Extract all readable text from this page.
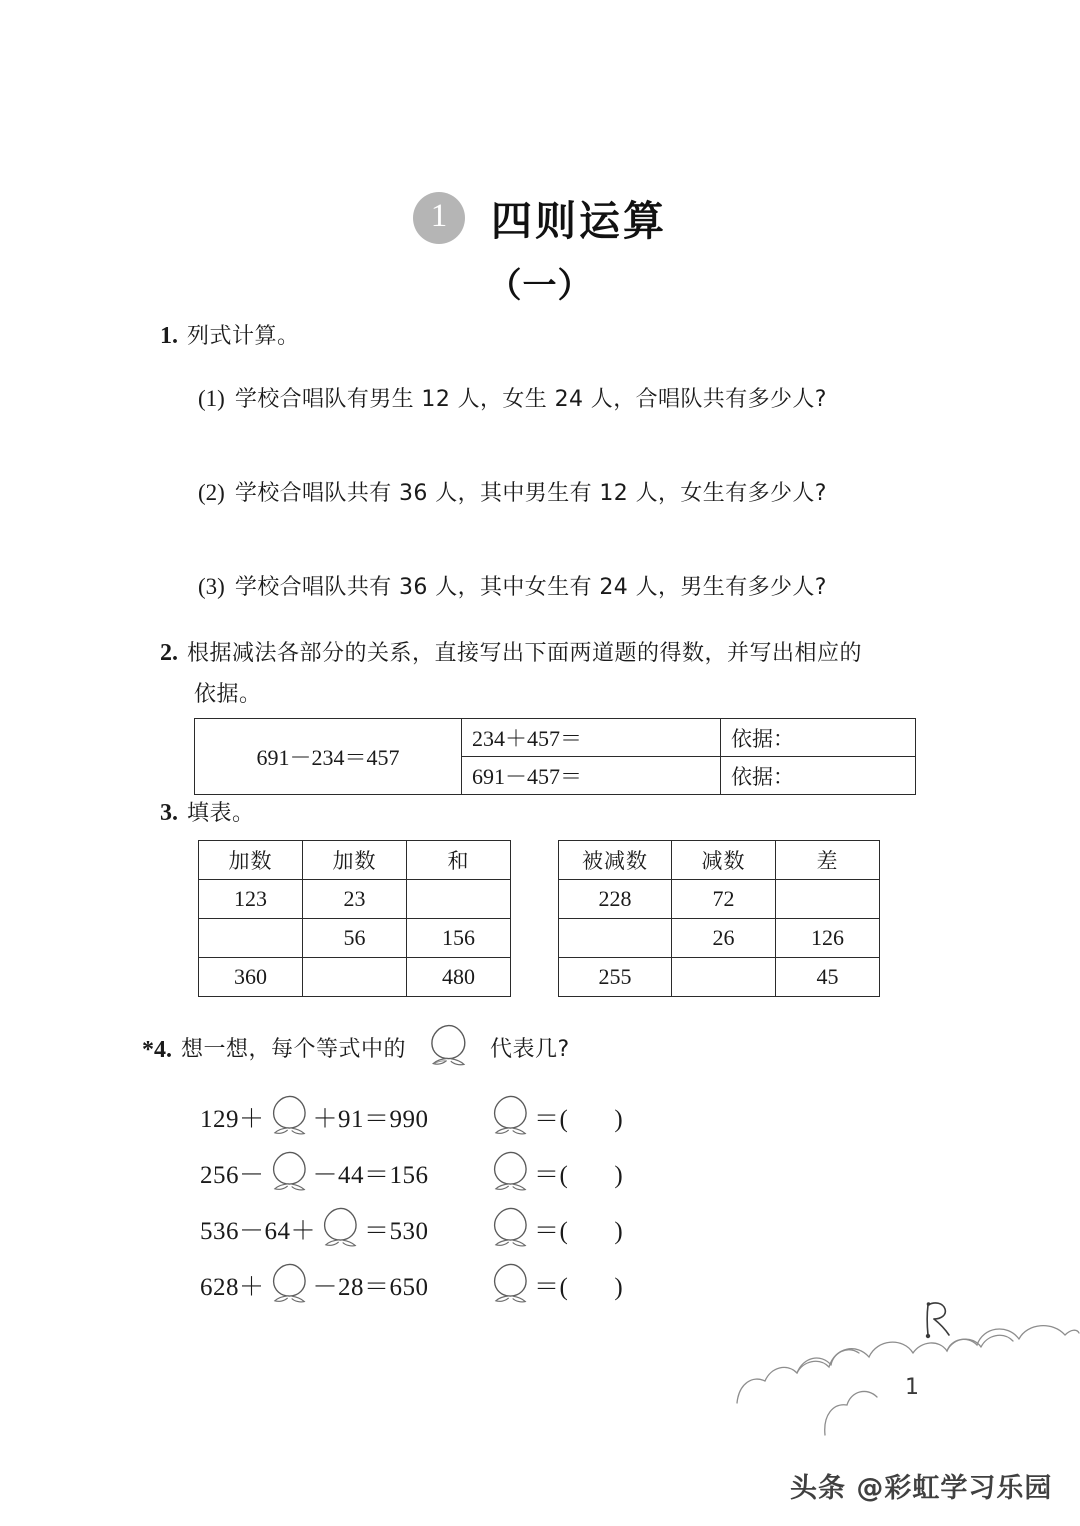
1	四则运算
（一）
1. 列式计算。
(1) 学校合唱队有男生 12 人，女生 24 人，合唱队共有多少人?
(2) 学校合唱队共有 36 人，其中男生有 12 人，女生有多少人?
(3) 学校合唱队共有 36 人，其中女生有 24 人，男生有多少人?
2. 根据减法各部分的关系，直接写出下面两道题的得数，并写出相应的
依据。
691－234＝457	234＋457＝	依据：
	691－457＝	依据：
3. 填表。
加数	加数	和
123	23	
	56	156
360		480
被减数	减数	差
228	72	
	26	126
255		45
*4. 想一想，每个等式中的	代表几?
129＋ ＋91＝990	＝( )
256－ －44＝156	＝( )
536－64＋ ＝530	＝( )
628＋ －28＝650	＝( )
1
头条 @彩虹学习乐园
